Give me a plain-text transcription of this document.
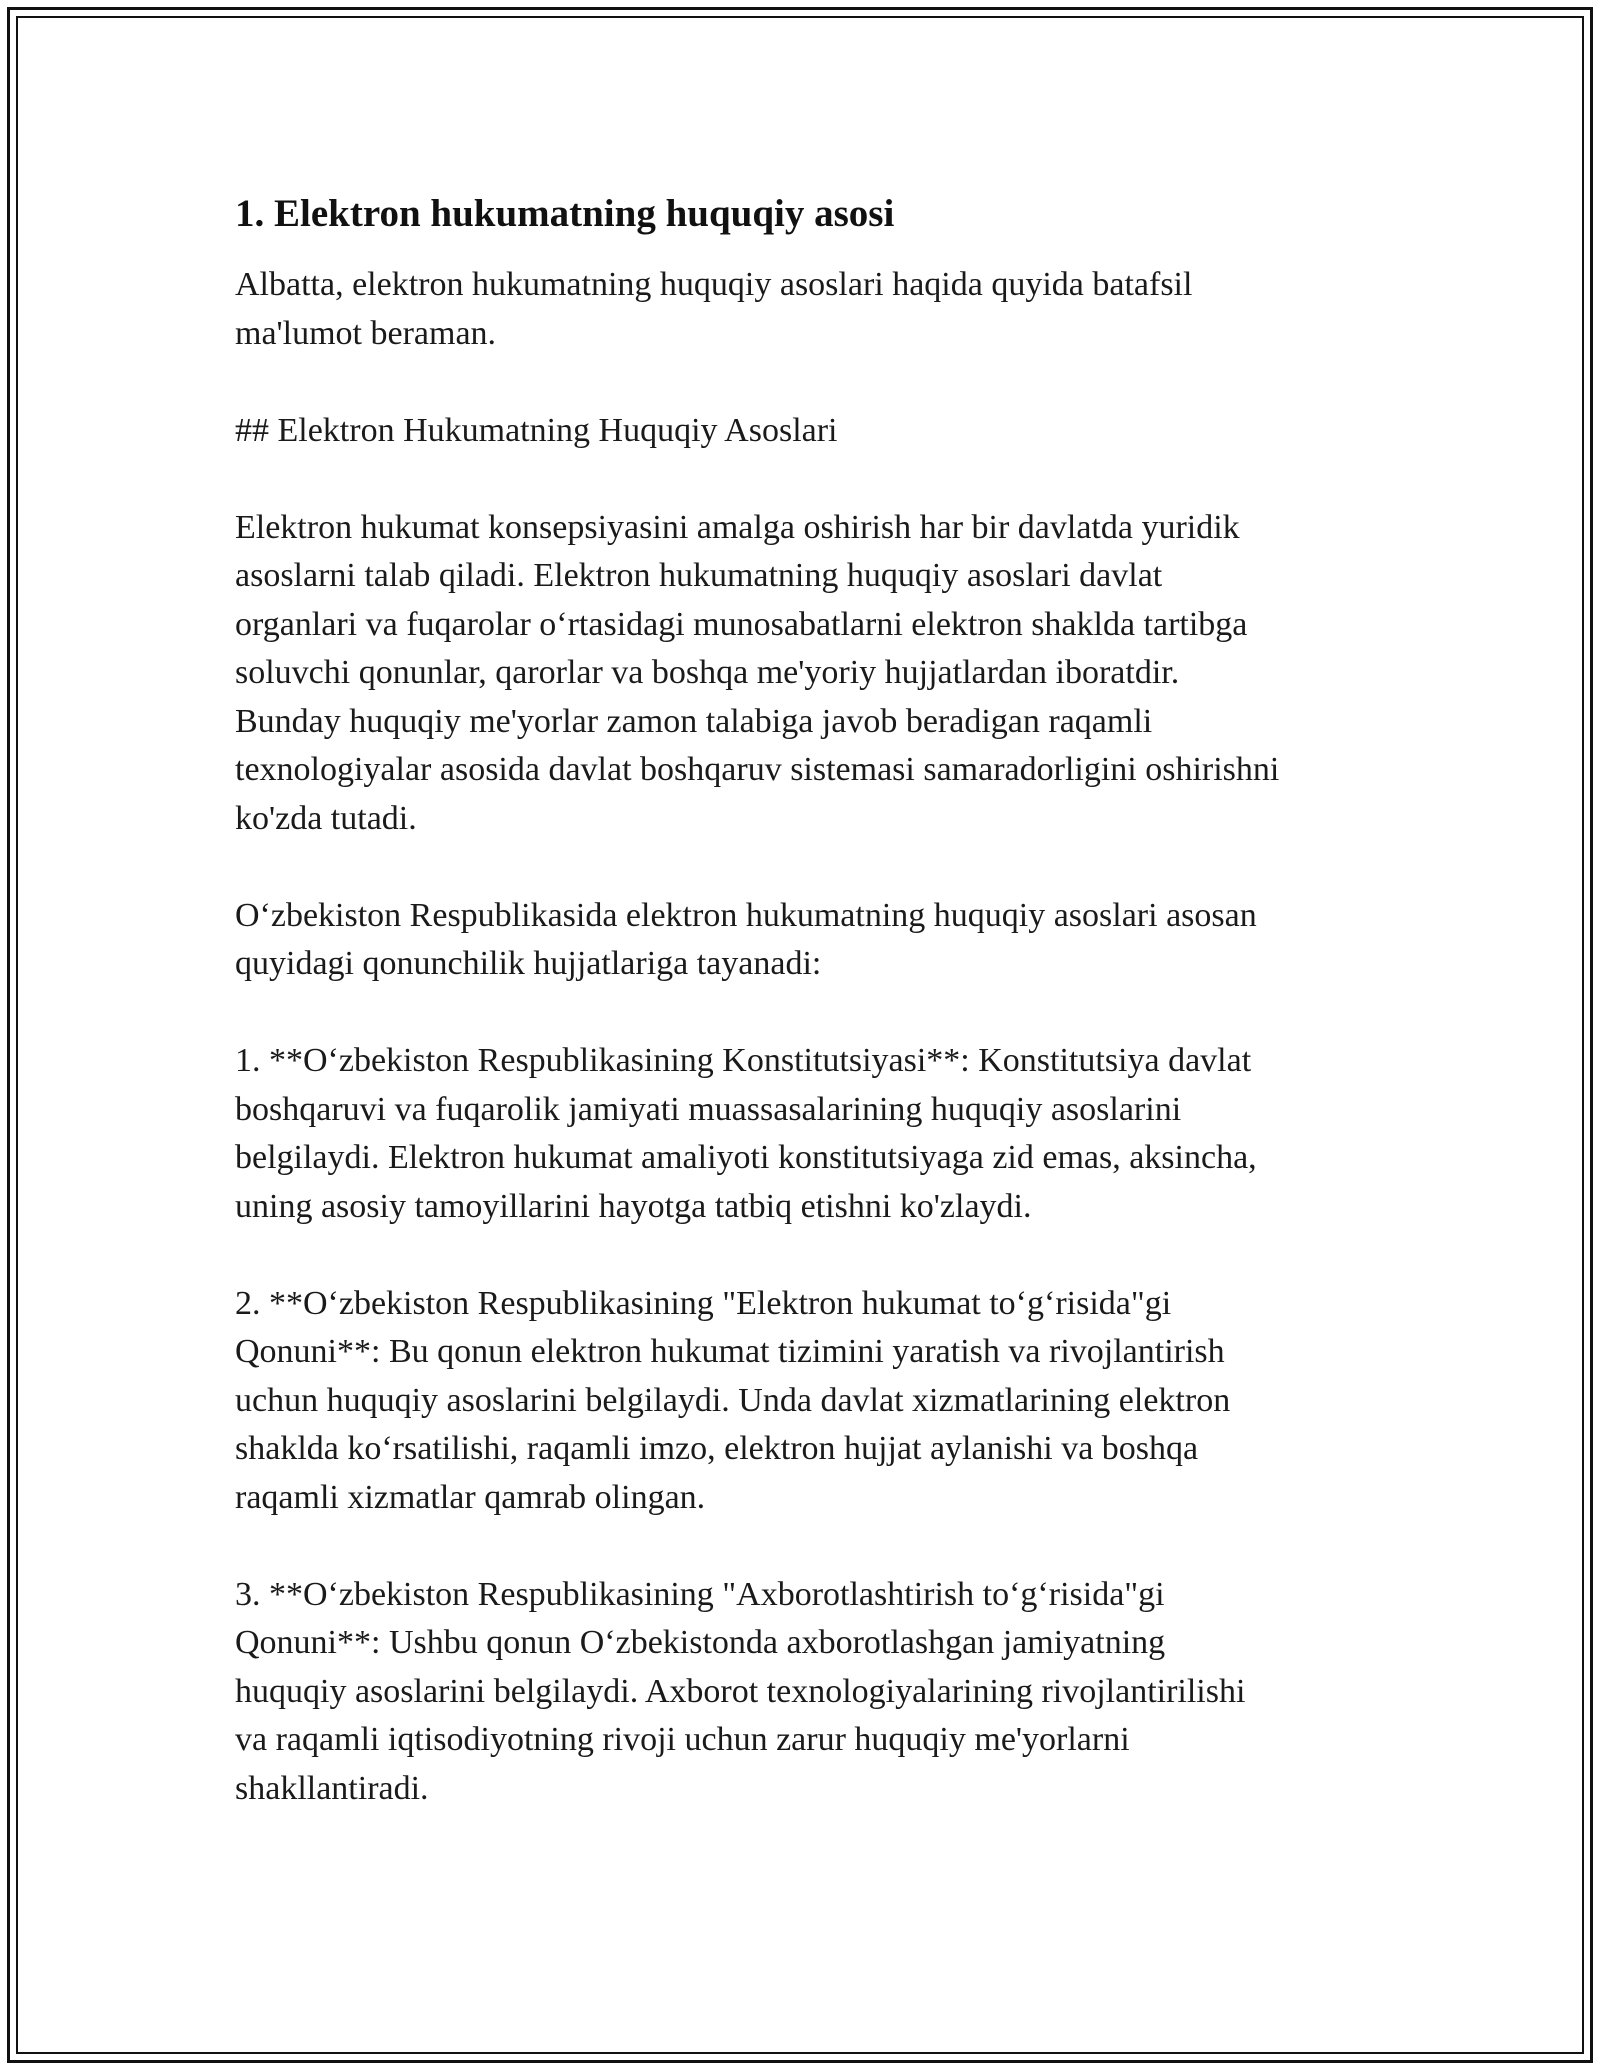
1. Elektron hukumatning huquqiy asosi

Albatta, elektron hukumatning huquqiy asoslari haqida quyida batafsil
ma'lumot beraman.

## Elektron Hukumatning Huquqiy Asoslari

Elektron hukumat konsepsiyasini amalga oshirish har bir davlatda yuridik
asoslarni talab qiladi. Elektron hukumatning huquqiy asoslari davlat
organlari va fuqarolar o‘rtasidagi munosabatlarni elektron shaklda tartibga
soluvchi qonunlar, qarorlar va boshqa me'yoriy hujjatlardan iboratdir.
Bunday huquqiy me'yorlar zamon talabiga javob beradigan raqamli
texnologiyalar asosida davlat boshqaruv sistemasi samaradorligini oshirishni
ko'zda tutadi.

O‘zbekiston Respublikasida elektron hukumatning huquqiy asoslari asosan
quyidagi qonunchilik hujjatlariga tayanadi:

1. **O‘zbekiston Respublikasining Konstitutsiyasi**: Konstitutsiya davlat
boshqaruvi va fuqarolik jamiyati muassasalarining huquqiy asoslarini
belgilaydi. Elektron hukumat amaliyoti konstitutsiyaga zid emas, aksincha,
uning asosiy tamoyillarini hayotga tatbiq etishni ko'zlaydi.

2. **O‘zbekiston Respublikasining "Elektron hukumat to‘g‘risida"gi
Qonuni**: Bu qonun elektron hukumat tizimini yaratish va rivojlantirish
uchun huquqiy asoslarini belgilaydi. Unda davlat xizmatlarining elektron
shaklda ko‘rsatilishi, raqamli imzo, elektron hujjat aylanishi va boshqa
raqamli xizmatlar qamrab olingan.

3. **O‘zbekiston Respublikasining "Axborotlashtirish to‘g‘risida"gi
Qonuni**: Ushbu qonun O‘zbekistonda axborotlashgan jamiyatning
huquqiy asoslarini belgilaydi. Axborot texnologiyalarining rivojlantirilishi
va raqamli iqtisodiyotning rivoji uchun zarur huquqiy me'yorlarni
shakllantiradi.
